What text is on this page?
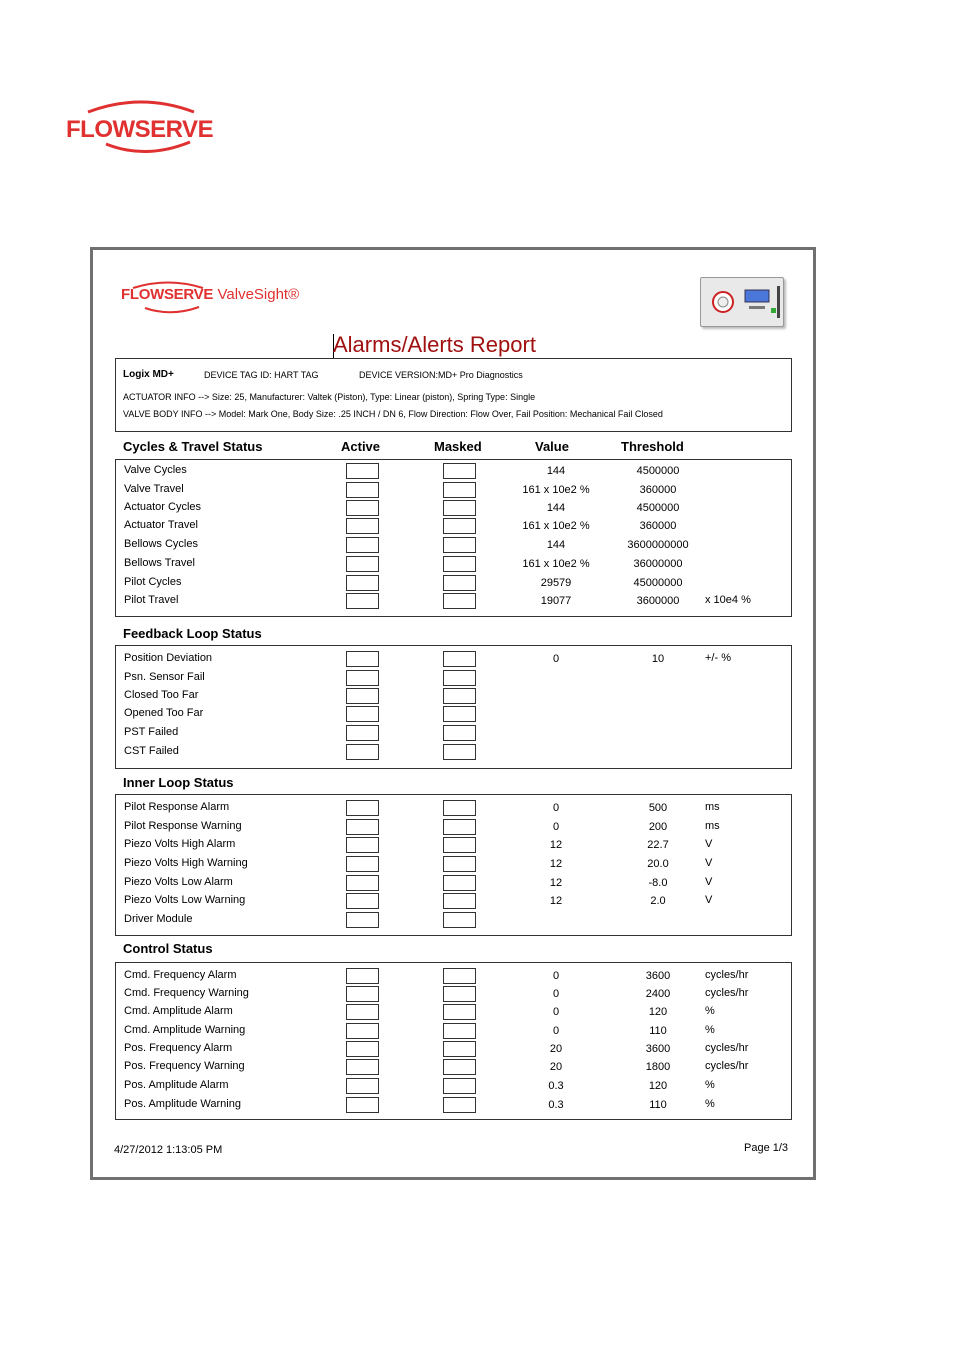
FLOWSERVE
FLOWSERVE ValveSight®
Alarms/Alerts Report
Logix MD+	DEVICE TAG ID: HART TAG	DEVICE VERSION:MD+ Pro Diagnostics
ACTUATOR INFO --> Size: 25, Manufacturer: Valtek (Piston), Type: Linear (piston), Spring Type: Single
VALVE BODY INFO --> Model: Mark One, Body Size: .25 INCH / DN 6, Flow Direction: Flow Over, Fail Position: Mechanical Fail Closed
Cycles & Travel Status	Active	Masked	Value	Threshold
Valve Cycles	144	4500000
Valve Travel	161 x 10e2 %	360000
Actuator Cycles	144	4500000
Actuator Travel	161 x 10e2 %	360000
Bellows Cycles	144	3600000000
Bellows Travel	161 x 10e2 %	36000000
Pilot Cycles	29579	45000000
Pilot Travel	19077	3600000	x 10e4 %
Feedback Loop Status
Position Deviation	0	10	+/- %
Psn. Sensor Fail
Closed Too Far
Opened Too Far
PST Failed
CST Failed
Inner Loop Status
Pilot Response Alarm	0	500	ms
Pilot Response Warning	0	200	ms
Piezo Volts High Alarm	12	22.7	V
Piezo Volts High Warning	12	20.0	V
Piezo Volts Low Alarm	12	-8.0	V
Piezo Volts Low Warning	12	2.0	V
Driver Module
Control Status
Cmd. Frequency Alarm	0	3600	cycles/hr
Cmd. Frequency Warning	0	2400	cycles/hr
Cmd. Amplitude Alarm	0	120	%
Cmd. Amplitude Warning	0	110	%
Pos. Frequency Alarm	20	3600	cycles/hr
Pos. Frequency Warning	20	1800	cycles/hr
Pos. Amplitude Alarm	0.3	120	%
Pos. Amplitude Warning	0.3	110	%
4/27/2012 1:13:05 PM	Page 1/3
